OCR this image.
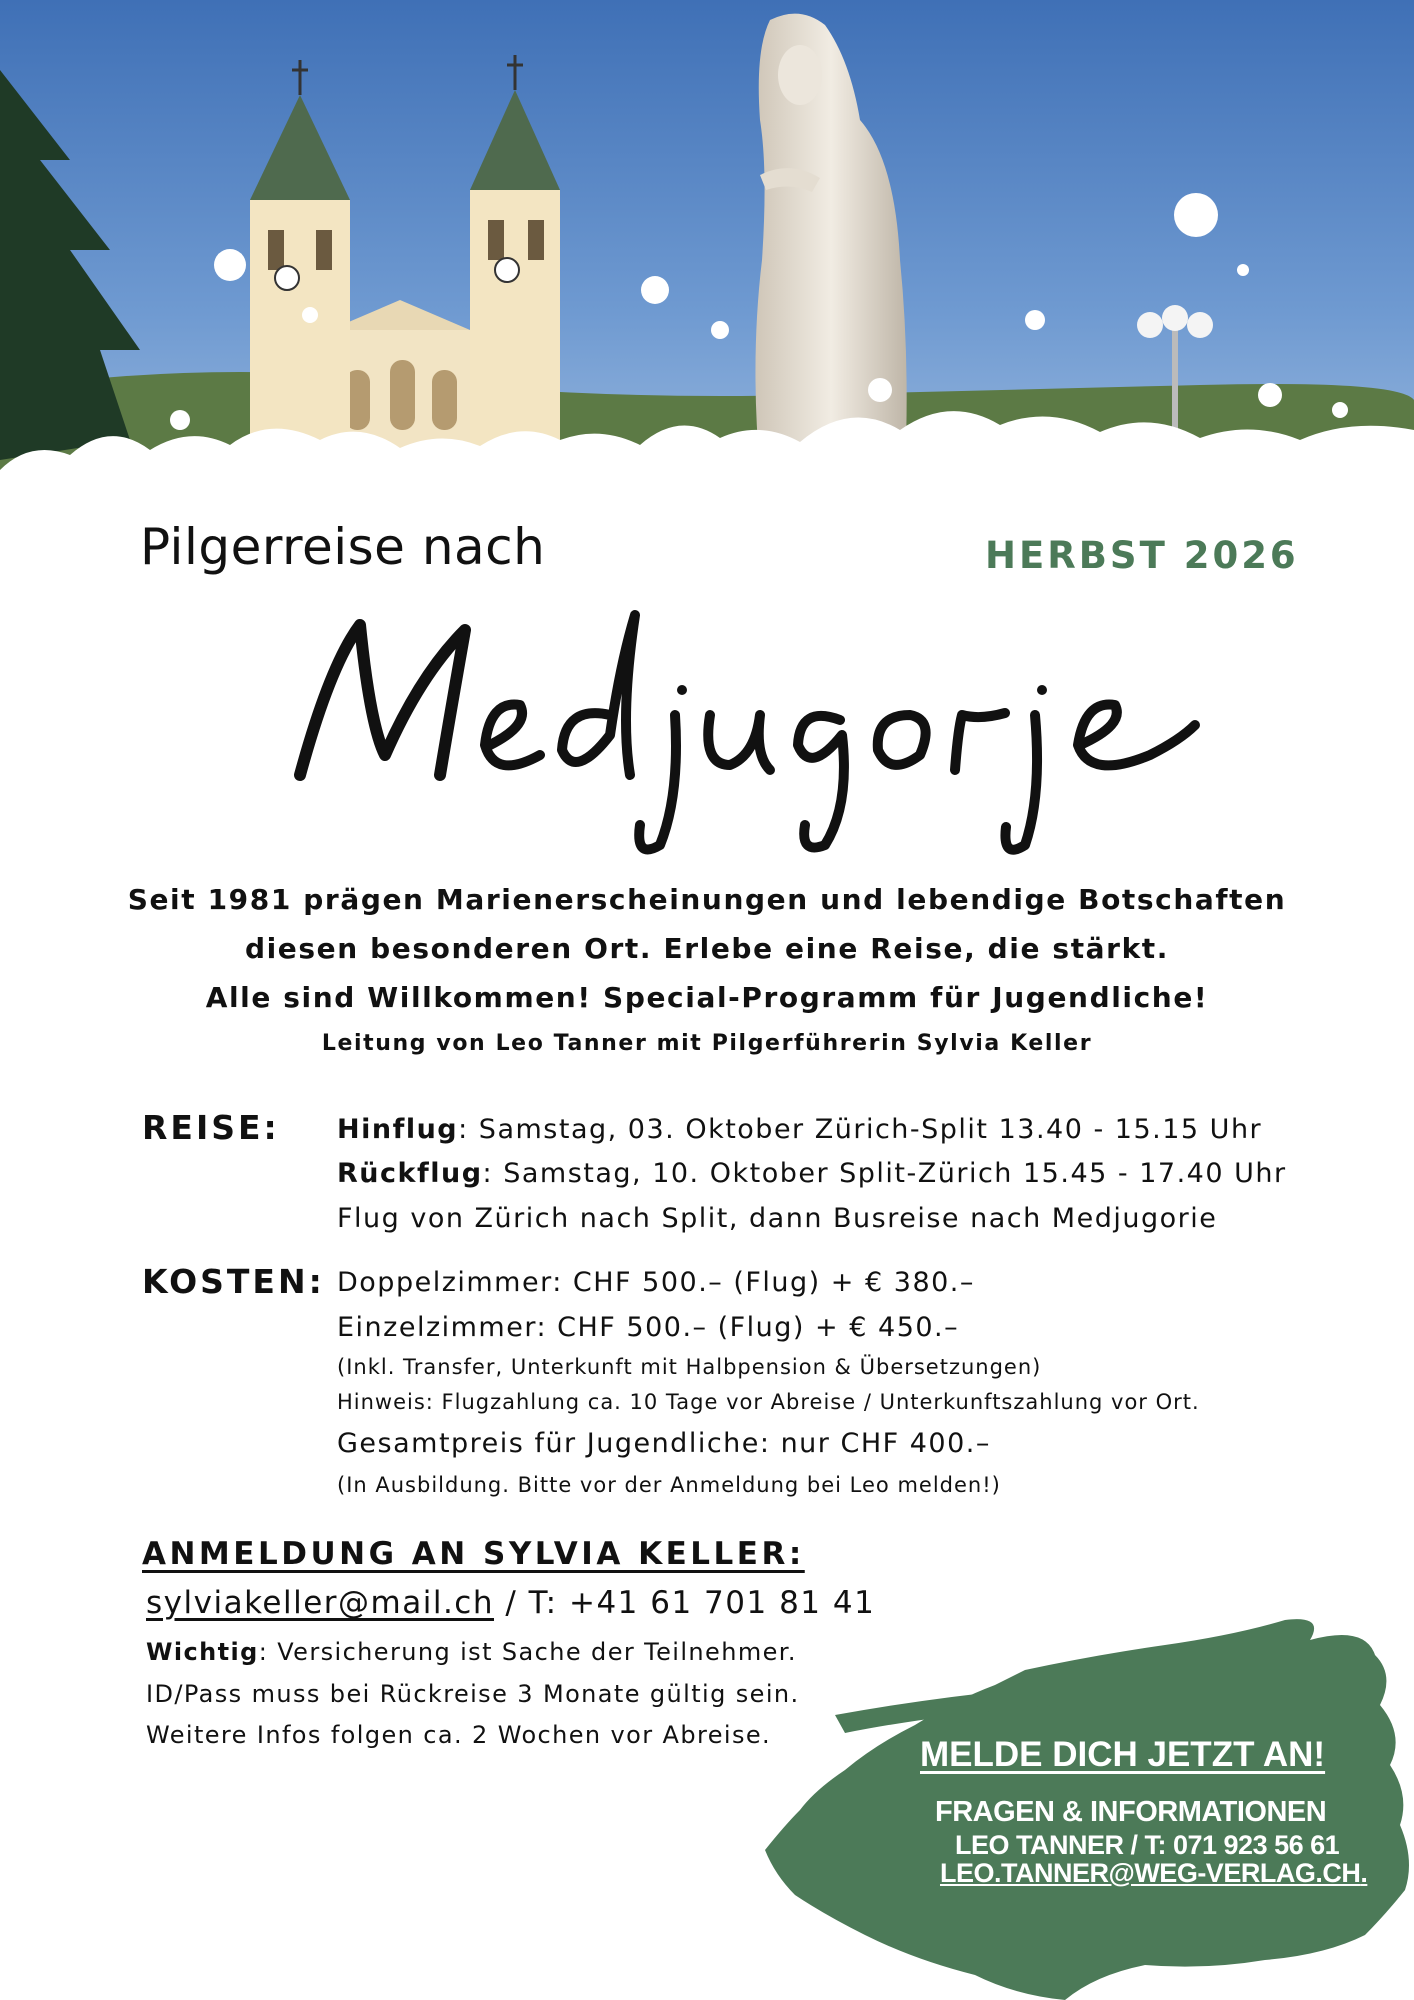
Pilgerreise nach	HERBST 2026

Seit 1981 prägen Marienerscheinungen und lebendige Botschaften

diesen besonderen Ort. Erlebe eine Reise, die stärkt.

Alle sind Willkommen! Special-Programm für Jugendliche!

Leitung von Leo Tanner mit Pilgerführerin Sylvia Keller

REISE: Hinflug: Samstag, 03. Oktober Zürich-Split 13.40 - 15.15 Uhr
Rückflug: Samstag, 10. Oktober Split-Zürich 15.45 - 17.40 Uhr
Flug von Zürich nach Split, dann Busreise nach Medjugorie
KOSTEN: Doppelzimmer: CHF 500.– (Flug) + € 380.–
Einzelzimmer: CHF 500.– (Flug) + € 450.–
(Inkl. Transfer, Unterkunft mit Halbpension & Übersetzungen)
Hinweis: Flugzahlung ca. 10 Tage vor Abreise / Unterkunftszahlung vor Ort.
Gesamtpreis für Jugendliche: nur CHF 400.–
(In Ausbildung. Bitte vor der Anmeldung bei Leo melden!)
ANMELDUNG AN SYLVIA KELLER:
sylviakeller@mail.ch / T: +41 61 701 81 41
Wichtig: Versicherung ist Sache der Teilnehmer.
ID/Pass muss bei Rückreise 3 Monate gültig sein.
Weitere Infos folgen ca. 2 Wochen vor Abreise.	MELDE DICH JETZT AN!
FRAGEN & INFORMATIONEN
LEO TANNER / T: 071 923 56 61
LEO.TANNER@WEG-VERLAG.CH.
